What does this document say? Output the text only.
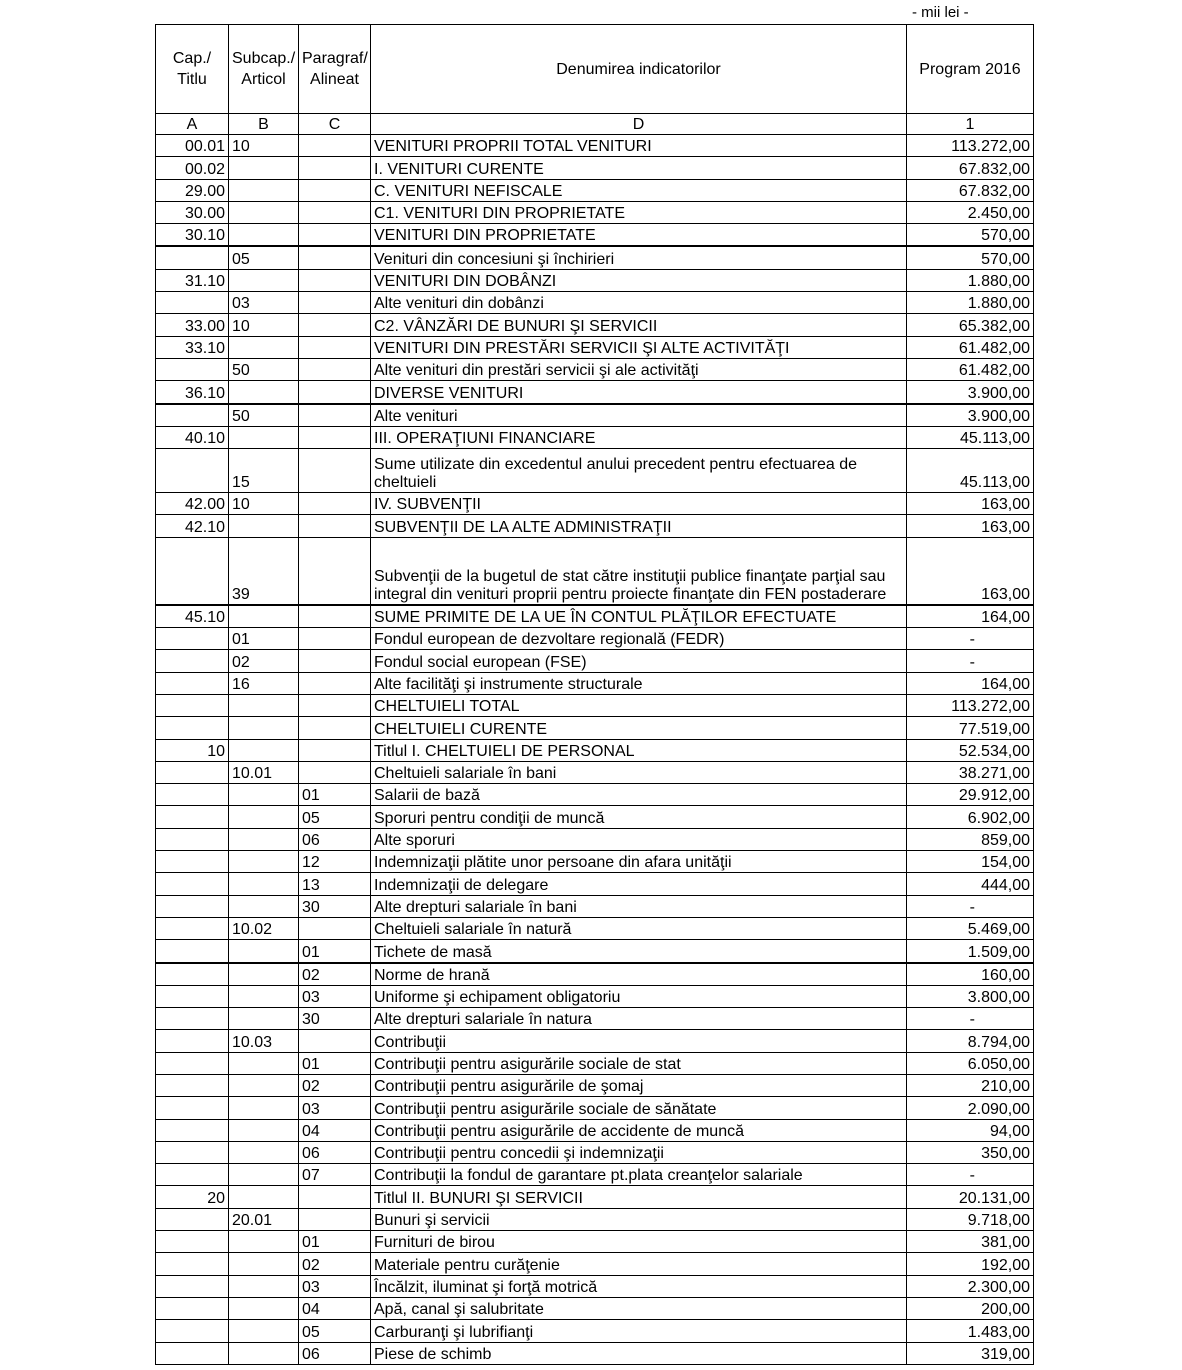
- mii lei -
Cap./ Titlu	Subcap./ Articol	Paragraf/ Alineat	Denumirea indicatorilor	Program 2016
A	B	C	D	1
00.01	10		VENITURI PROPRII TOTAL VENITURI	113.272,00
00.02			I. VENITURI CURENTE	67.832,00
29.00			C. VENITURI NEFISCALE	67.832,00
30.00			C1. VENITURI DIN PROPRIETATE	2.450,00
30.10			VENITURI DIN PROPRIETATE	570,00
	05		Venituri din concesiuni şi închirieri	570,00
31.10			VENITURI DIN DOBÂNZI	1.880,00
	03		Alte venituri din dobânzi	1.880,00
33.00	10		C2. VÂNZĂRI DE BUNURI ŞI SERVICII	65.382,00
33.10			VENITURI DIN PRESTĂRI SERVICII ŞI ALTE ACTIVITĂŢI	61.482,00
	50		Alte venituri din prestări servicii şi ale activităţi	61.482,00
36.10			DIVERSE VENITURI	3.900,00
	50		Alte venituri	3.900,00
40.10			III. OPERAŢIUNI FINANCIARE	45.113,00
	15		Sume utilizate din excedentul anului precedent pentru efectuarea de cheltuieli	45.113,00
42.00	10		IV. SUBVENŢII	163,00
42.10			SUBVENŢII DE LA ALTE ADMINISTRAŢII	163,00
	39		Subvenţii de la bugetul de stat către instituţii publice finanţate parţial sau integral din venituri proprii pentru proiecte finanţate din FEN postaderare	163,00
45.10			SUME PRIMITE DE LA UE ÎN CONTUL PLĂŢILOR EFECTUATE	164,00
	01		Fondul european de dezvoltare regională (FEDR)	-
	02		Fondul social european (FSE)	-
	16		Alte facilităţi şi instrumente structurale	164,00
			CHELTUIELI TOTAL	113.272,00
			CHELTUIELI CURENTE	77.519,00
10			Titlul I. CHELTUIELI DE PERSONAL	52.534,00
	10.01		Cheltuieli salariale în bani	38.271,00
		01	Salarii de bază	29.912,00
		05	Sporuri pentru condiţii de muncă	6.902,00
		06	Alte sporuri	859,00
		12	Indemnizaţii plătite unor persoane din afara unităţii	154,00
		13	Indemnizaţii de delegare	444,00
		30	Alte drepturi salariale în bani	-
	10.02		Cheltuieli salariale în natură	5.469,00
		01	Tichete de masă	1.509,00
		02	Norme de hrană	160,00
		03	Uniforme şi echipament obligatoriu	3.800,00
		30	Alte drepturi salariale în natura	-
	10.03		Contribuţii	8.794,00
		01	Contribuţii pentru asigurările sociale de stat	6.050,00
		02	Contribuţii pentru asigurările de şomaj	210,00
		03	Contribuţii pentru asigurările sociale de sănătate	2.090,00
		04	Contribuţii pentru asigurările de accidente de muncă	94,00
		06	Contribuţii pentru concedii şi indemnizaţii	350,00
		07	Contribuţii la fondul de garantare pt.plata creanţelor salariale	-
20			Titlul II. BUNURI ŞI SERVICII	20.131,00
	20.01		Bunuri şi servicii	9.718,00
		01	Furnituri de birou	381,00
		02	Materiale pentru curăţenie	192,00
		03	Încălzit, iluminat şi forţă motrică	2.300,00
		04	Apă, canal şi salubritate	200,00
		05	Carburanţi şi lubrifianţi	1.483,00
		06	Piese de schimb	319,00
